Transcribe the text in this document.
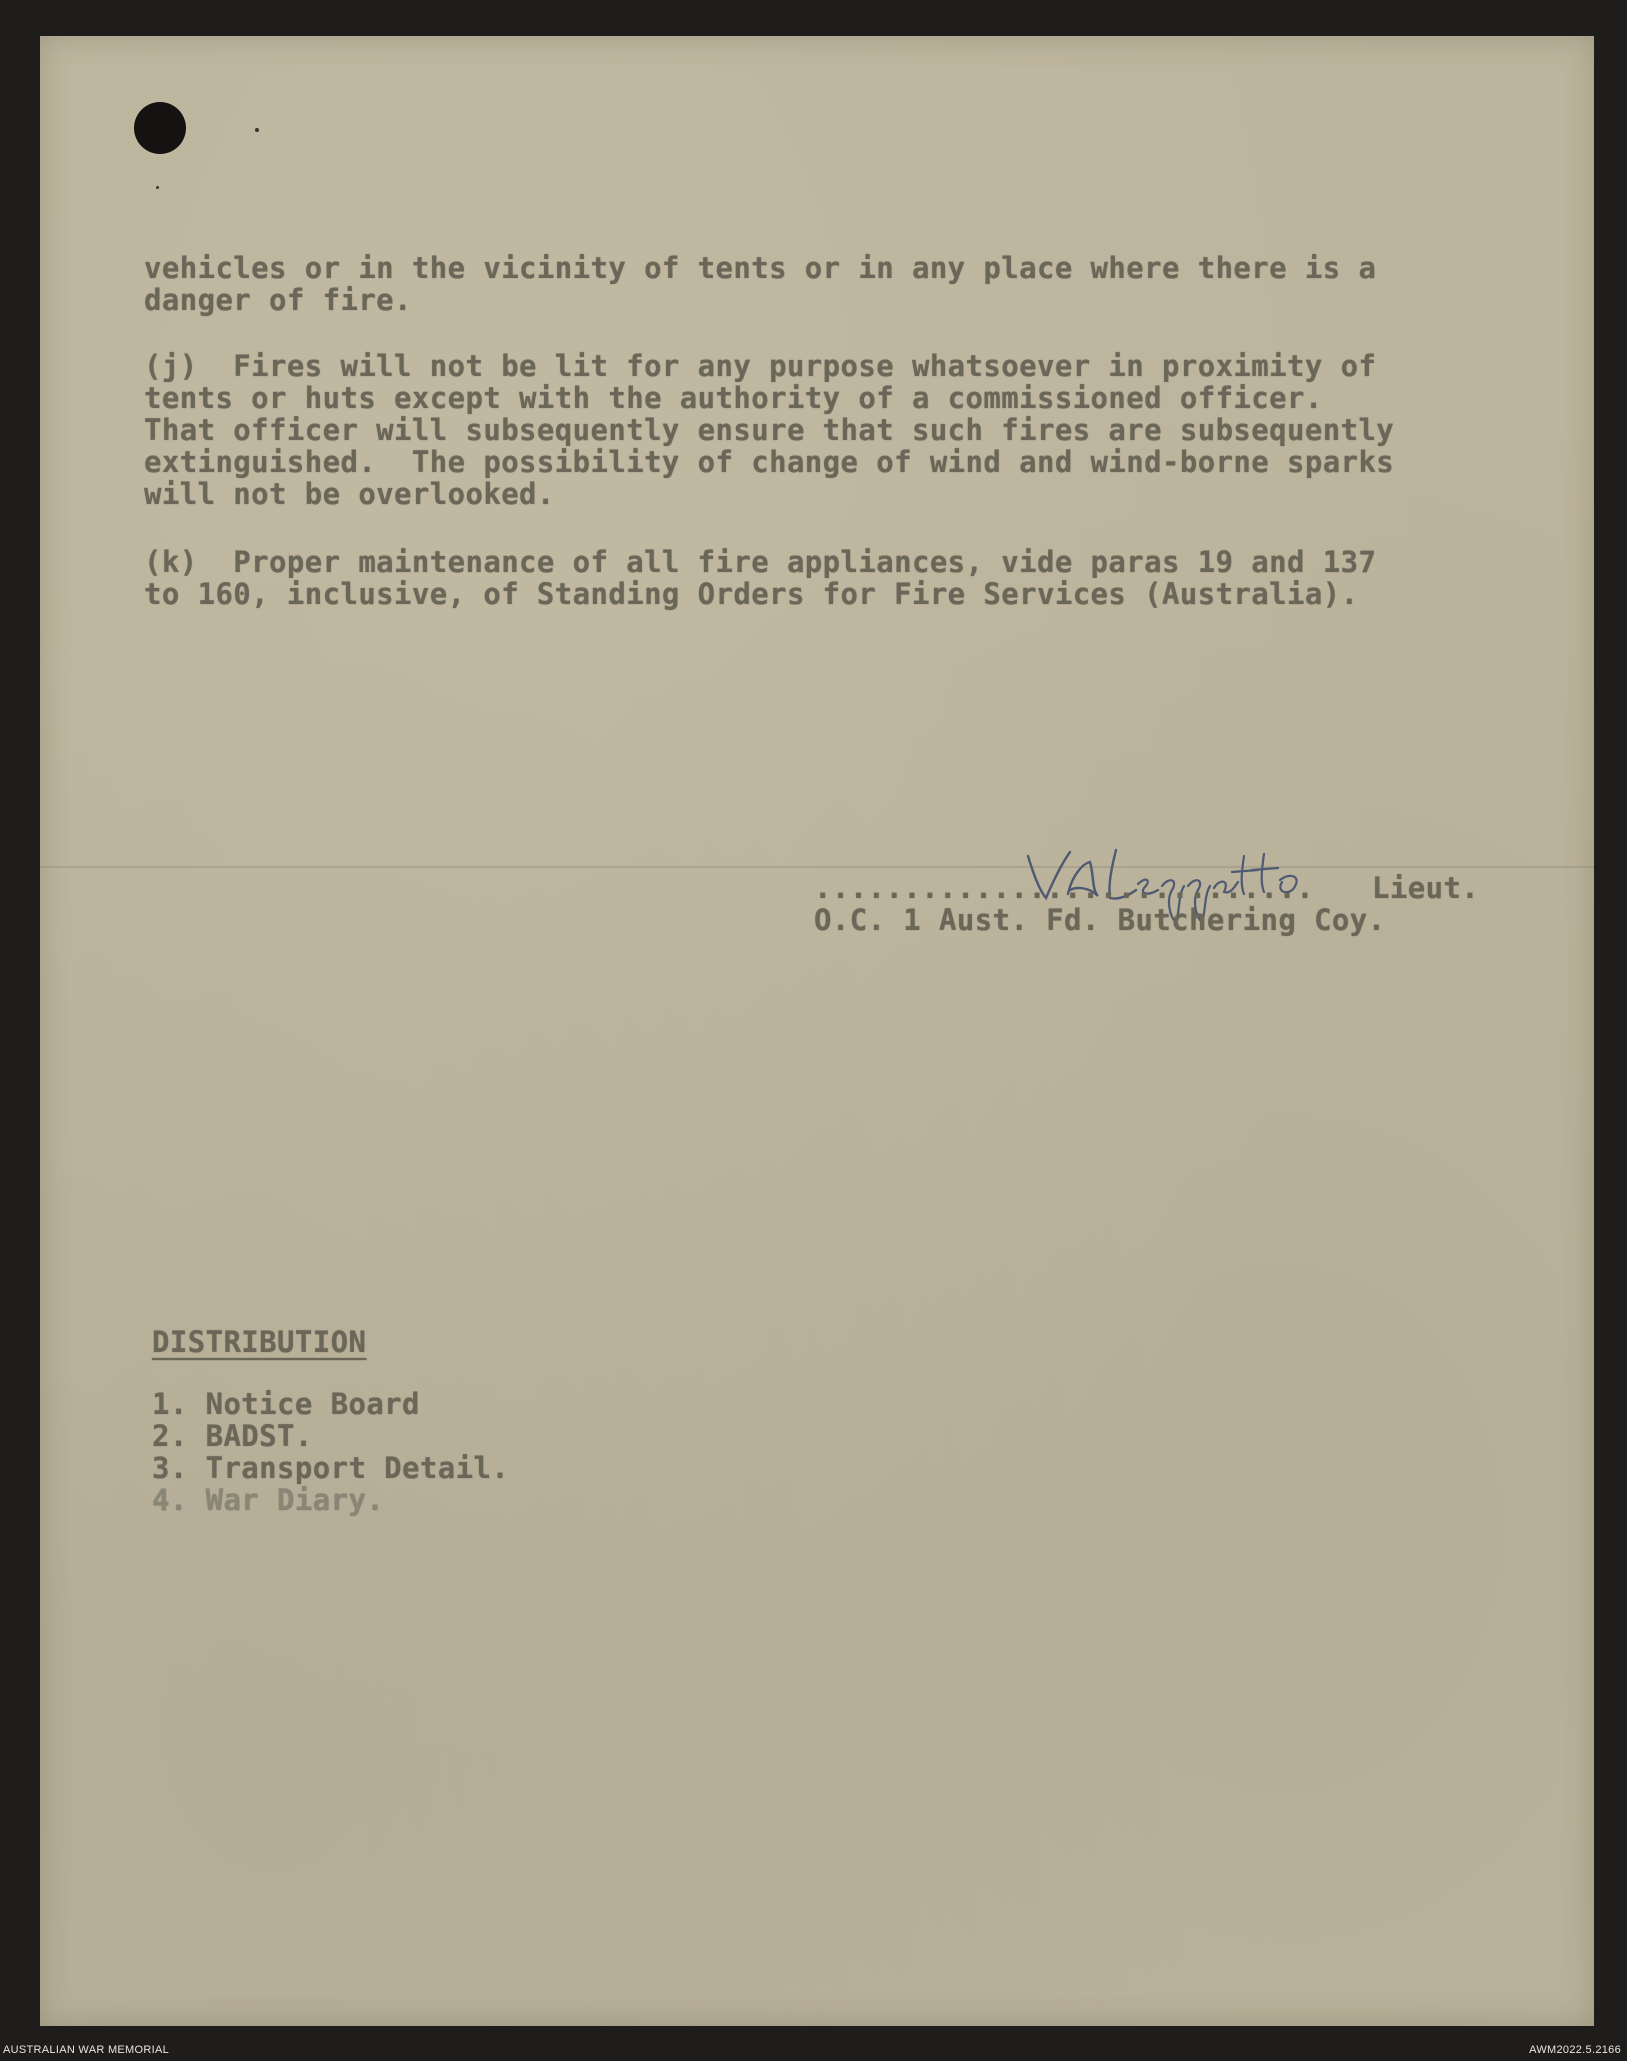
vehicles or in the vicinity of tents or in any place where there is a
danger of fire.
(j)  Fires will not be lit for any purpose whatsoever in proximity of
tents or huts except with the authority of a commissioned officer.
That officer will subsequently ensure that such fires are subsequently
extinguished.  The possibility of change of wind and wind-borne sparks
will not be overlooked.
(k)  Proper maintenance of all fire appliances, vide paras 19 and 137
to 160, inclusive, of Standing Orders for Fire Services (Australia).
............................ Lieut.
O.C. 1 Aust. Fd. Butchering Coy.
DISTRIBUTION
1. Notice Board
2. BADST.
3. Transport Detail.
4. War Diary.
AUSTRALIAN WAR MEMORIAL	AWM2022.5.2166
